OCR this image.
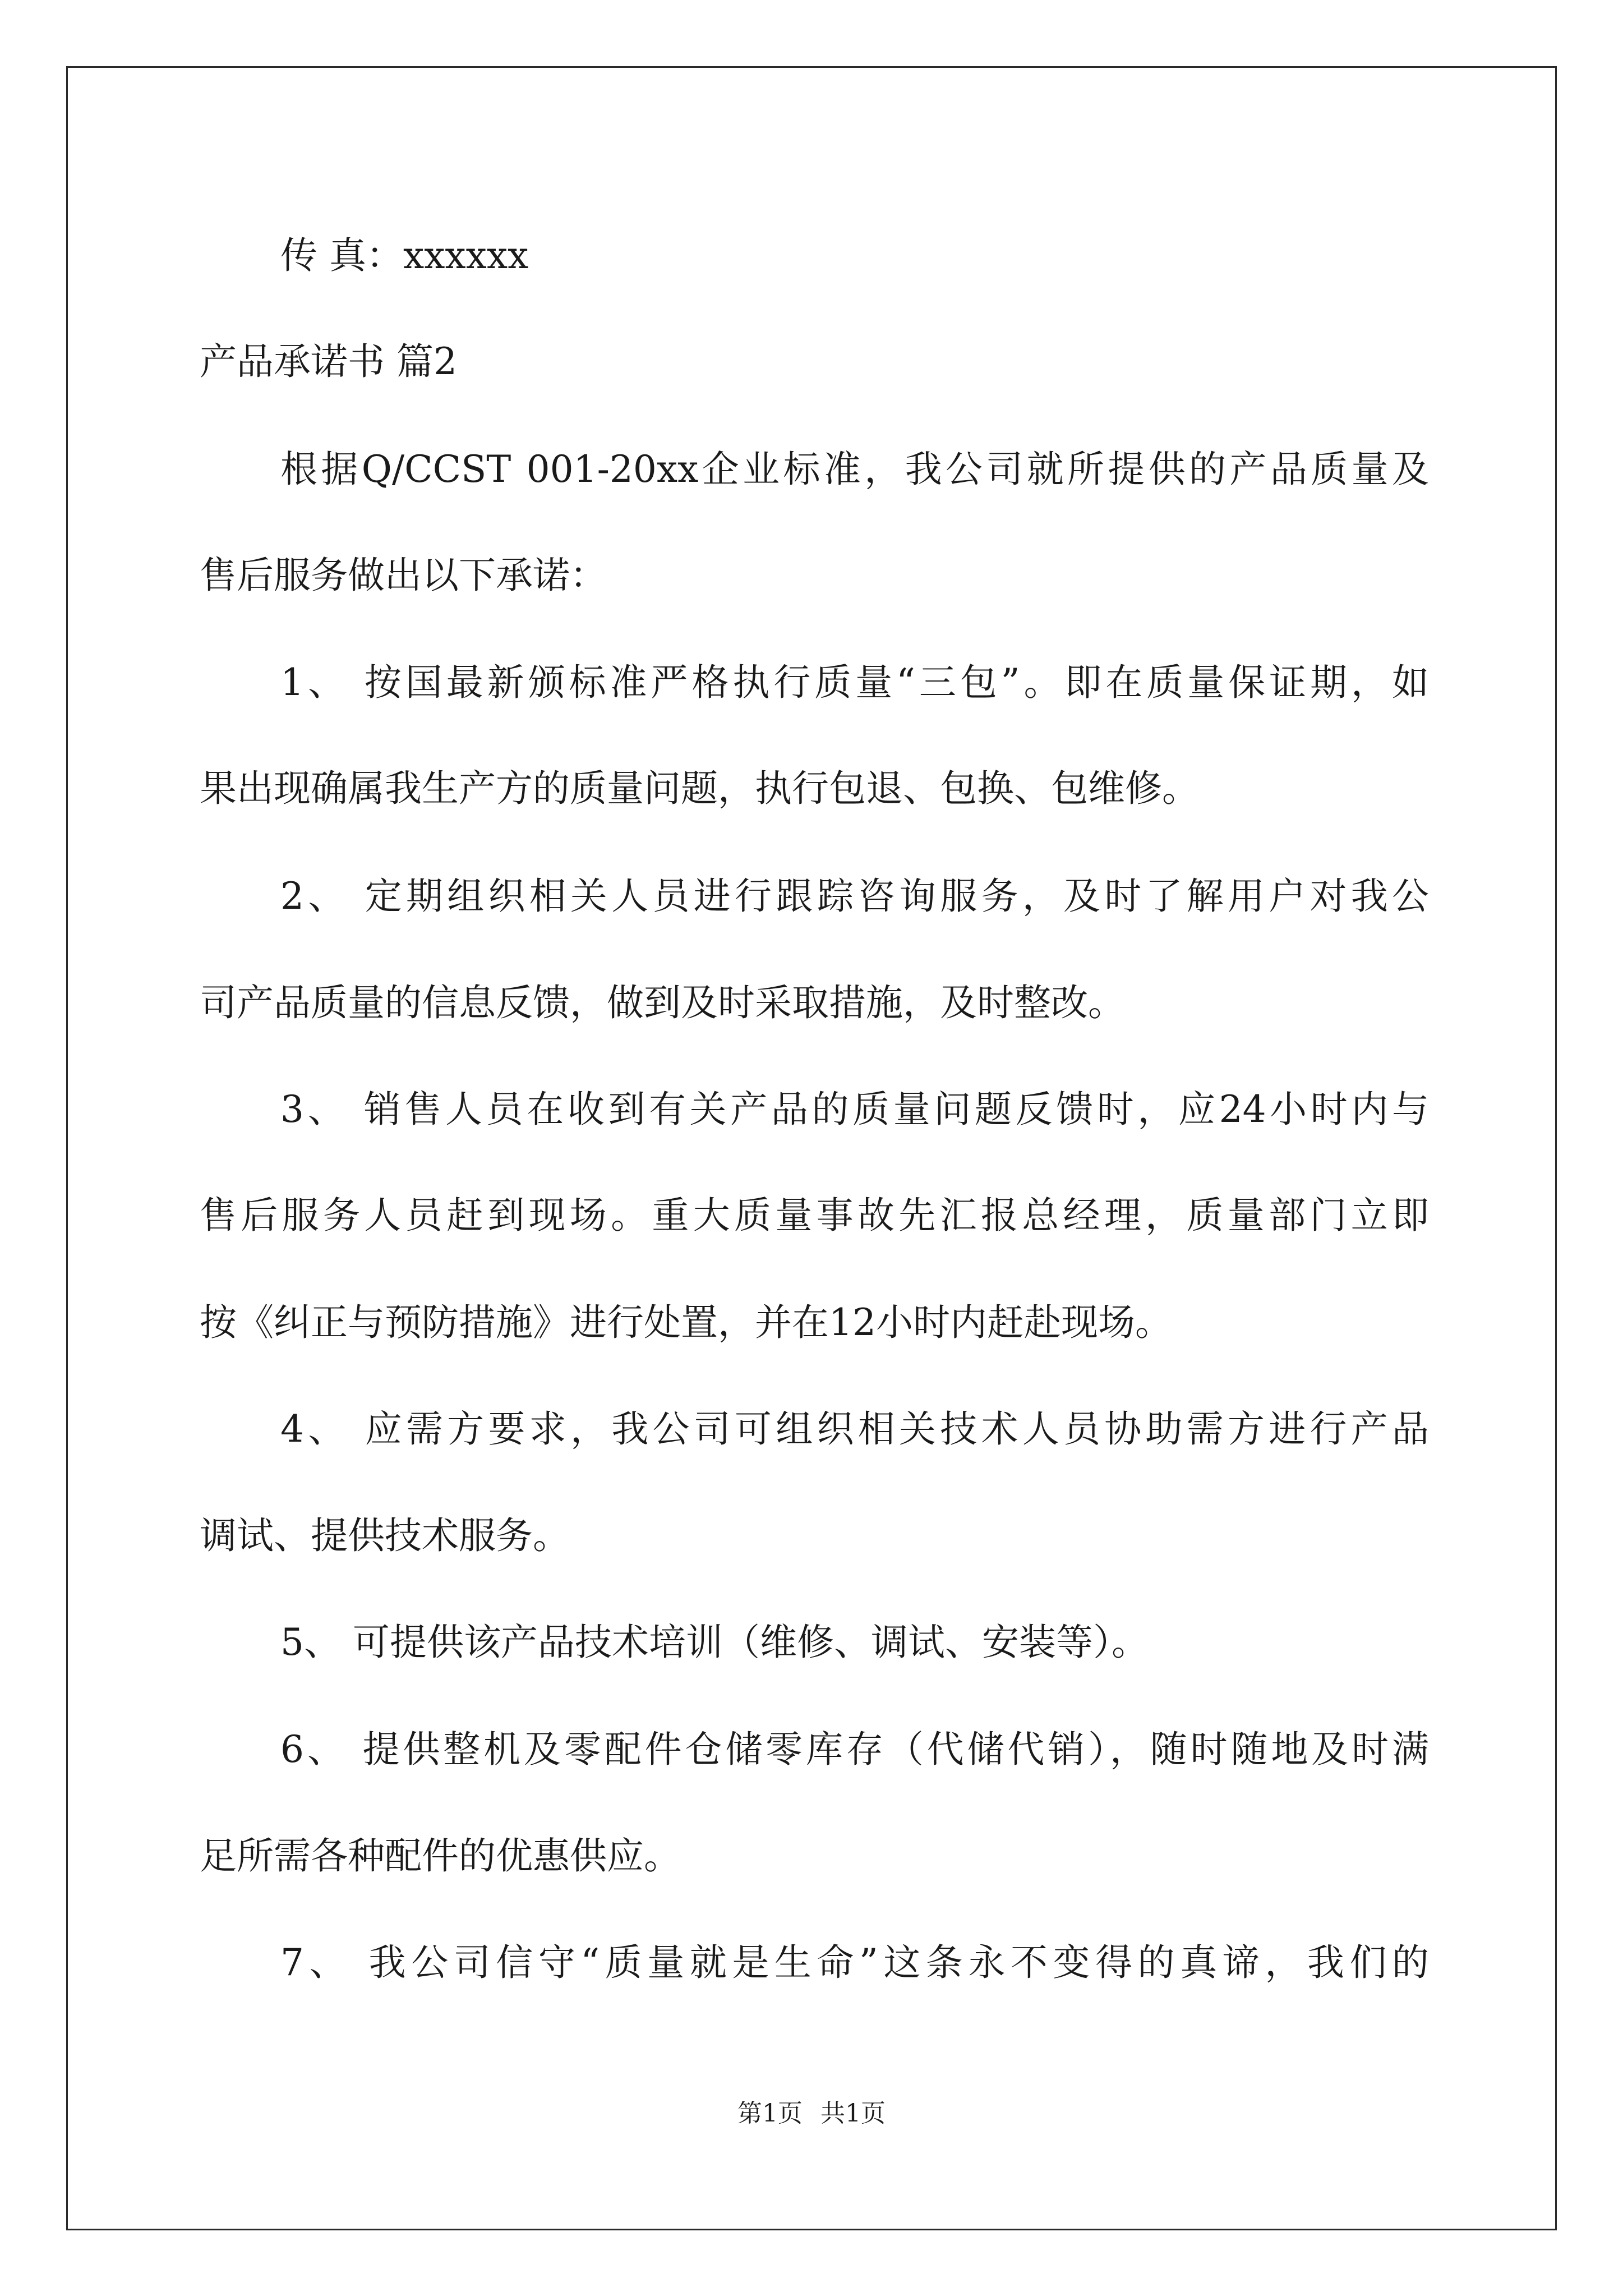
传 真：xxxxxx
产品承诺书 篇2
根据Q/CCST 001-20xx企业标准，我公司就所提供的产品质量及
售后服务做出以下承诺：
1、 按国最新颁标准严格执行质量“三包”。即在质量保证期，如
果出现确属我生产方的质量问题，执行包退、包换、包维修。
2、 定期组织相关人员进行跟踪咨询服务，及时了解用户对我公
司产品质量的信息反馈，做到及时采取措施，及时整改。
3、 销售人员在收到有关产品的质量问题反馈时，应24小时内与
售后服务人员赶到现场。重大质量事故先汇报总经理，质量部门立即
按《纠正与预防措施》进行处置，并在12小时内赶赴现场。
4、 应需方要求，我公司可组织相关技术人员协助需方进行产品
调试、提供技术服务。
5、 可提供该产品技术培训（维修、调试、安装等）。
6、 提供整机及零配件仓储零库存（代储代销），随时随地及时满
足所需各种配件的优惠供应。
7、 我公司信守“质量就是生命”这条永不变得的真谛，我们的
第1页 共1页
